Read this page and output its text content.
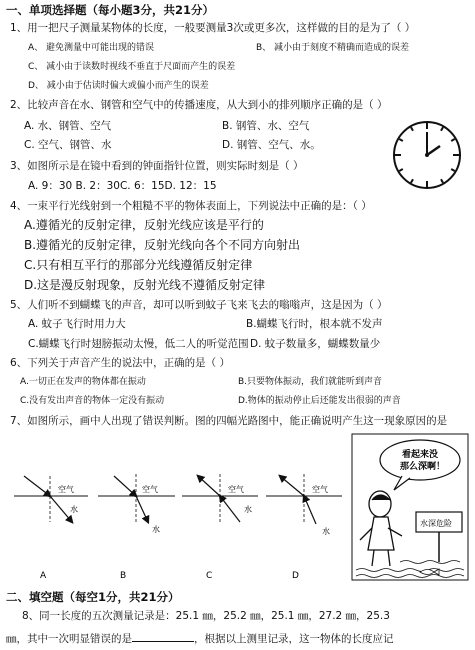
一、单项选择题（每小题3分，共21分）
1、用一把尺子测量某物体的长度，一般要测量3次或更多次，这样做的目的是为了（ ）
A、 避免测量中可能出现的错误	B、 减小由于刻度不精确而造成的误差
C、 减小由于读数时视线不垂直于尺面而产生的误差
D、 减小由于估读时偏大或偏小而产生的误差
2、比较声音在水、钢管和空气中的传播速度，从大到小的排列顺序正确的是（ ）
A. 水、钢管、空气	B. 钢管、水、空气
C. 空气、钢管、水	D. 钢管、空气、水。
3、如图所示是在镜中看到的钟面指针位置，则实际时刻是（ ）
A. 9：30 B. 2：30C. 6：15D. 12：15
4、一束平行光线射到一个粗糙不平的物体表面上，下列说法中正确的是：（ ）
A.遵循光的反射定律，反射光线应该是平行的
B.遵循光的反射定律，反射光线向各个不同方向射出
C.只有相互平行的那部分光线遵循反射定律
D.这是漫反射现象，反射光线不遵循反射定律
5、人们听不到蝴蝶飞的声音，却可以听到蚊子飞来飞去的嗡嗡声，这是因为（ ）
A. 蚊子飞行时用力大	B.蝴蝶飞行时，根本就不发声
C.蝴蝶飞行时翅膀振动太慢，低二人的听觉范围 D. 蚊子数量多，蝴蝶数量少
6、下列关于声音产生的说法中，正确的是（ ）
A.一切正在发声的物体都在振动	B.只要物体振动，我们就能听到声音
C.没有发出声音的物体一定没有振动	D.物体的振动停止后还能发出很弱的声音
7、如图所示，画中人出现了错误判断。图的四幅光路图中，能正确说明产生这一现象原因的是
空气
水
空气
水
空气
水
空气
水
A	B	C	D
看起来没
那么深啊！
水深危险
二、填空题（每空1分，共21分）
8、同一长度的五次测量记录是：25.1 ㎜，25.2 ㎜，25.1 ㎜，27.2 ㎜，25.3
㎜，其中一次明显错误的是	，根据以上测里记录，这一物体的长度应记
